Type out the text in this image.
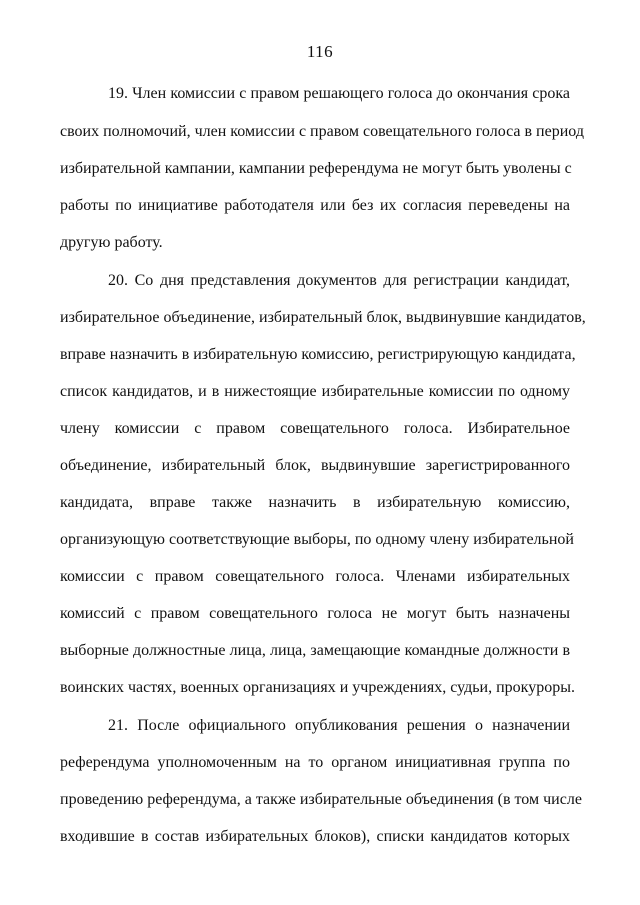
116
19. Член комиссии с правом решающего голоса до окончания срока
своих полномочий, член комиссии с правом совещательного голоса в период
избирательной кампании, кампании референдума не могут быть уволены с
работы по инициативе работодателя или без их согласия переведены на
другую работу.
20. Со дня представления документов для регистрации кандидат,
избирательное объединение, избирательный блок, выдвинувшие кандидатов,
вправе назначить в избирательную комиссию, регистрирующую кандидата,
список кандидатов, и в нижестоящие избирательные комиссии по одному
члену комиссии с правом совещательного голоса. Избирательное
объединение, избирательный блок, выдвинувшие зарегистрированного
кандидата, вправе также назначить в избирательную комиссию,
организующую соответствующие выборы, по одному члену избирательной
комиссии с правом совещательного голоса. Членами избирательных
комиссий с правом совещательного голоса не могут быть назначены
выборные должностные лица, лица, замещающие командные должности в
воинских частях, военных организациях и учреждениях, судьи, прокуроры.
21. После официального опубликования решения о назначении
референдума уполномоченным на то органом инициативная группа по
проведению референдума, а также избирательные объединения (в том числе
входившие в состав избирательных блоков), списки кандидатов которых
